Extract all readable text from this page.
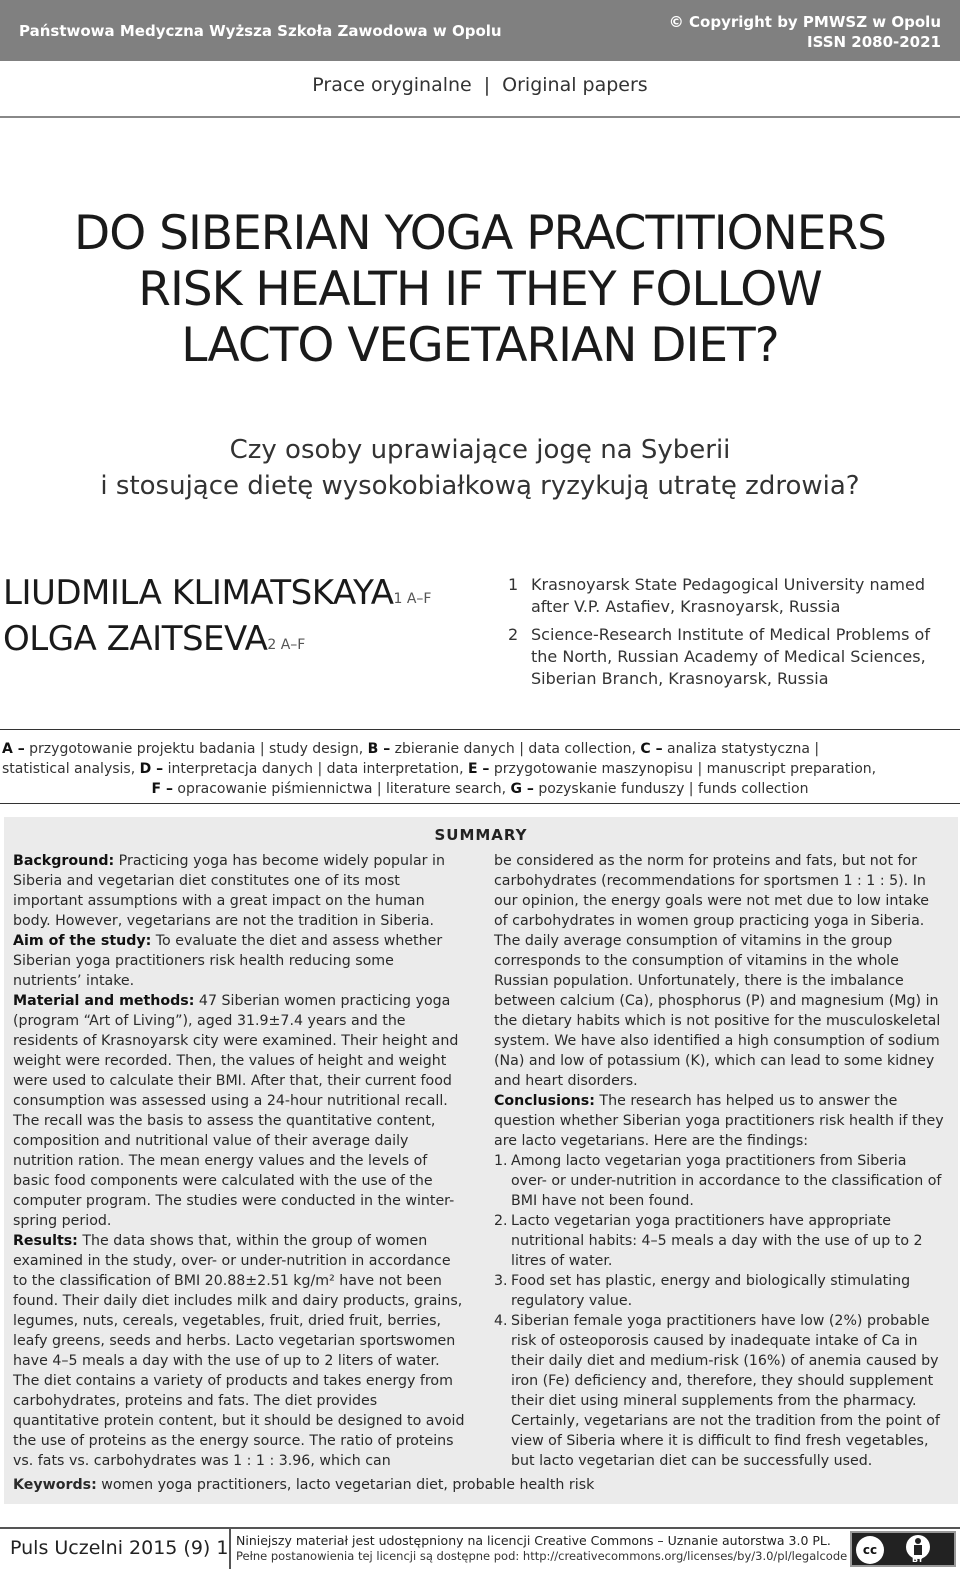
Państwowa Medyczna Wyższa Szkoła Zawodowa w Opolu	© Copyright by PMWSZ w Opolu
ISSN 2080-2021
Prace oryginalne | Original papers
DO SIBERIAN YOGA PRACTITIONERS
RISK HEALTH IF THEY FOLLOW
LACTO VEGETARIAN DIET?
Czy osoby uprawiające jogę na Syberii
i stosujące dietę wysokobiałkową ryzykują utratę zdrowia?
LIUDMILA $KLIMATSKAYA^{1 A-F}$
OLGA $ZAITSEVA^{2 A-F}$
1 Krasnoyarsk State Pedagogical University named after V.P. Astafiev, Krasnoyarsk, Russia
2 Science-Research Institute of Medical Problems of the North, Russian Academy of Medical Sciences, Siberian Branch, Krasnoyarsk, Russia
A – przygotowanie projektu badania | study design, B – zbieranie danych | data collection, C – analiza statystyczna |
statistical analysis, D – interpretacja danych | data interpretation, E – przygotowanie maszynopisu | manuscript preparation,
F – opracowanie piśmiennictwa | literature search, G – pozyskanie funduszy | funds collection
SUMMARY

Background: Practicing yoga has become widely popular in Siberia and vegetarian diet constitutes one of its most important assumptions with a great impact on the human body. However, vegetarians are not the tradition in Siberia.

Aim of the study: To evaluate the diet and assess whether Siberian yoga practitioners risk health reducing some nutrients’ intake.

Material and methods: 47 Siberian women practicing yoga (program “Art of Living”), aged 31.9±7.4 years and the residents of Krasnoyarsk city were examined. Their height and weight were recorded. Then, the values of height and weight were used to calculate their BMI. After that, their current food consumption was assessed using a 24-hour nutritional recall. The recall was the basis to assess the quantitative content, composition and nutritional value of their average daily nutrition ration. The mean energy values and the levels of basic food components were calculated with the use of the computer program. The studies were conducted in the winter-spring period.

Results: The data shows that, within the group of women examined in the study, over- or under-nutrition in accordance to the classification of BMI 20.88±2.51 kg/m² have not been found. Their daily diet includes milk and dairy products, grains, legumes, nuts, cereals, vegetables, fruit, dried fruit, berries, leafy greens, seeds and herbs. Lacto vegetarian sportswomen have 4–5 meals a day with the use of up to 2 liters of water. The diet contains a variety of products and takes energy from carbohydrates, proteins and fats. The diet provides quantitative protein content, but it should be designed to avoid the use of proteins as the energy source. The ratio of proteins vs. fats vs. carbohydrates was 1 : 1 : 3.96, which can

be considered as the norm for proteins and fats, but not for carbohydrates (recommendations for sportsmen 1 : 1 : 5). In our opinion, the energy goals were not met due to low intake of carbohydrates in women group practicing yoga in Siberia. The daily average consumption of vitamins in the group corresponds to the consumption of vitamins in the whole Russian population. Unfortunately, there is the imbalance between calcium (Ca), phosphorus (P) and magnesium (Mg) in the dietary habits which is not positive for the musculoskeletal system. We have also identified a high consumption of sodium (Na) and low of potassium (K), which can lead to some kidney and heart disorders.

Conclusions: The research has helped us to answer the question whether Siberian yoga practitioners risk health if they are lacto vegetarians. Here are the findings:

1. Among lacto vegetarian yoga practitioners from Siberia over- or under-nutrition in accordance to the classification of BMI have not been found.
2. Lacto vegetarian yoga practitioners have appropriate nutritional habits: 4–5 meals a day with the use of up to 2 litres of water.
3. Food set has plastic, energy and biologically stimulating regulatory value.
4. Siberian female yoga practitioners have low (2%) probable risk of osteoporosis caused by inadequate intake of Ca in their daily diet and medium-risk (16%) of anemia caused by iron (Fe) deficiency and, therefore, they should supplement their diet using mineral supplements from the pharmacy. Certainly, vegetarians are not the tradition from the point of view of Siberia where it is difficult to find fresh vegetables, but lacto vegetarian diet can be successfully used.
Keywords: women yoga practitioners, lacto vegetarian diet, probable health risk
Puls Uczelni 2015 (9) 1 Niniejszy materiał jest udostępniony na licencji Creative Commons – Uznanie autorstwa 3.0 PL.
Pełne postanowienia tej licencji są dostępne pod: http://creativecommons.org/licenses/by/3.0/pl/legalcode	cc
BY
